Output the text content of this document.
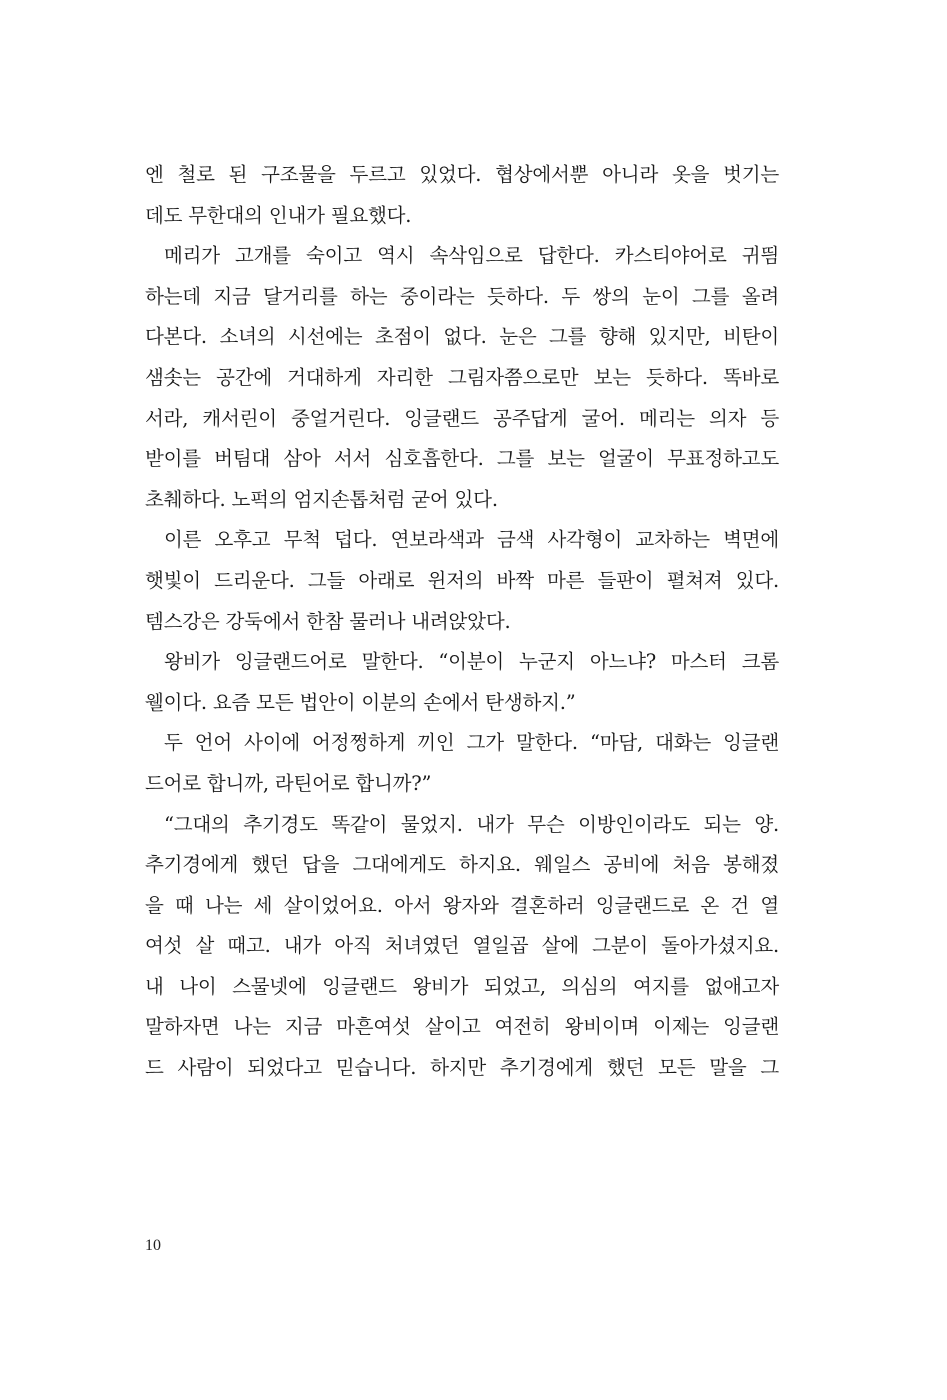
엔 철로 된 구조물을 두르고 있었다. 협상에서뿐 아니라 옷을 벗기는
데도 무한대의 인내가 필요했다.
메리가 고개를 숙이고 역시 속삭임으로 답한다. 카스티야어로 귀띔
하는데 지금 달거리를 하는 중이라는 듯하다. 두 쌍의 눈이 그를 올려
다본다. 소녀의 시선에는 초점이 없다. 눈은 그를 향해 있지만, 비탄이
샘솟는 공간에 거대하게 자리한 그림자쯤으로만 보는 듯하다. 똑바로
서라, 캐서린이 중얼거린다. 잉글랜드 공주답게 굴어. 메리는 의자 등
받이를 버팀대 삼아 서서 심호흡한다. 그를 보는 얼굴이 무표정하고도
초췌하다. 노퍽의 엄지손톱처럼 굳어 있다.
이른 오후고 무척 덥다. 연보라색과 금색 사각형이 교차하는 벽면에
햇빛이 드리운다. 그들 아래로 윈저의 바짝 마른 들판이 펼쳐져 있다.
템스강은 강둑에서 한참 물러나 내려앉았다.
왕비가 잉글랜드어로 말한다. “이분이 누군지 아느냐? 마스터 크롬
웰이다. 요즘 모든 법안이 이분의 손에서 탄생하지.”
두 언어 사이에 어정쩡하게 끼인 그가 말한다. “마담, 대화는 잉글랜
드어로 합니까, 라틴어로 합니까?”
“그대의 추기경도 똑같이 물었지. 내가 무슨 이방인이라도 되는 양.
추기경에게 했던 답을 그대에게도 하지요. 웨일스 공비에 처음 봉해졌
을 때 나는 세 살이었어요. 아서 왕자와 결혼하러 잉글랜드로 온 건 열
여섯 살 때고. 내가 아직 처녀였던 열일곱 살에 그분이 돌아가셨지요.
내 나이 스물넷에 잉글랜드 왕비가 되었고, 의심의 여지를 없애고자
말하자면 나는 지금 마흔여섯 살이고 여전히 왕비이며 이제는 잉글랜
드 사람이 되었다고 믿습니다. 하지만 추기경에게 했던 모든 말을 그
10
